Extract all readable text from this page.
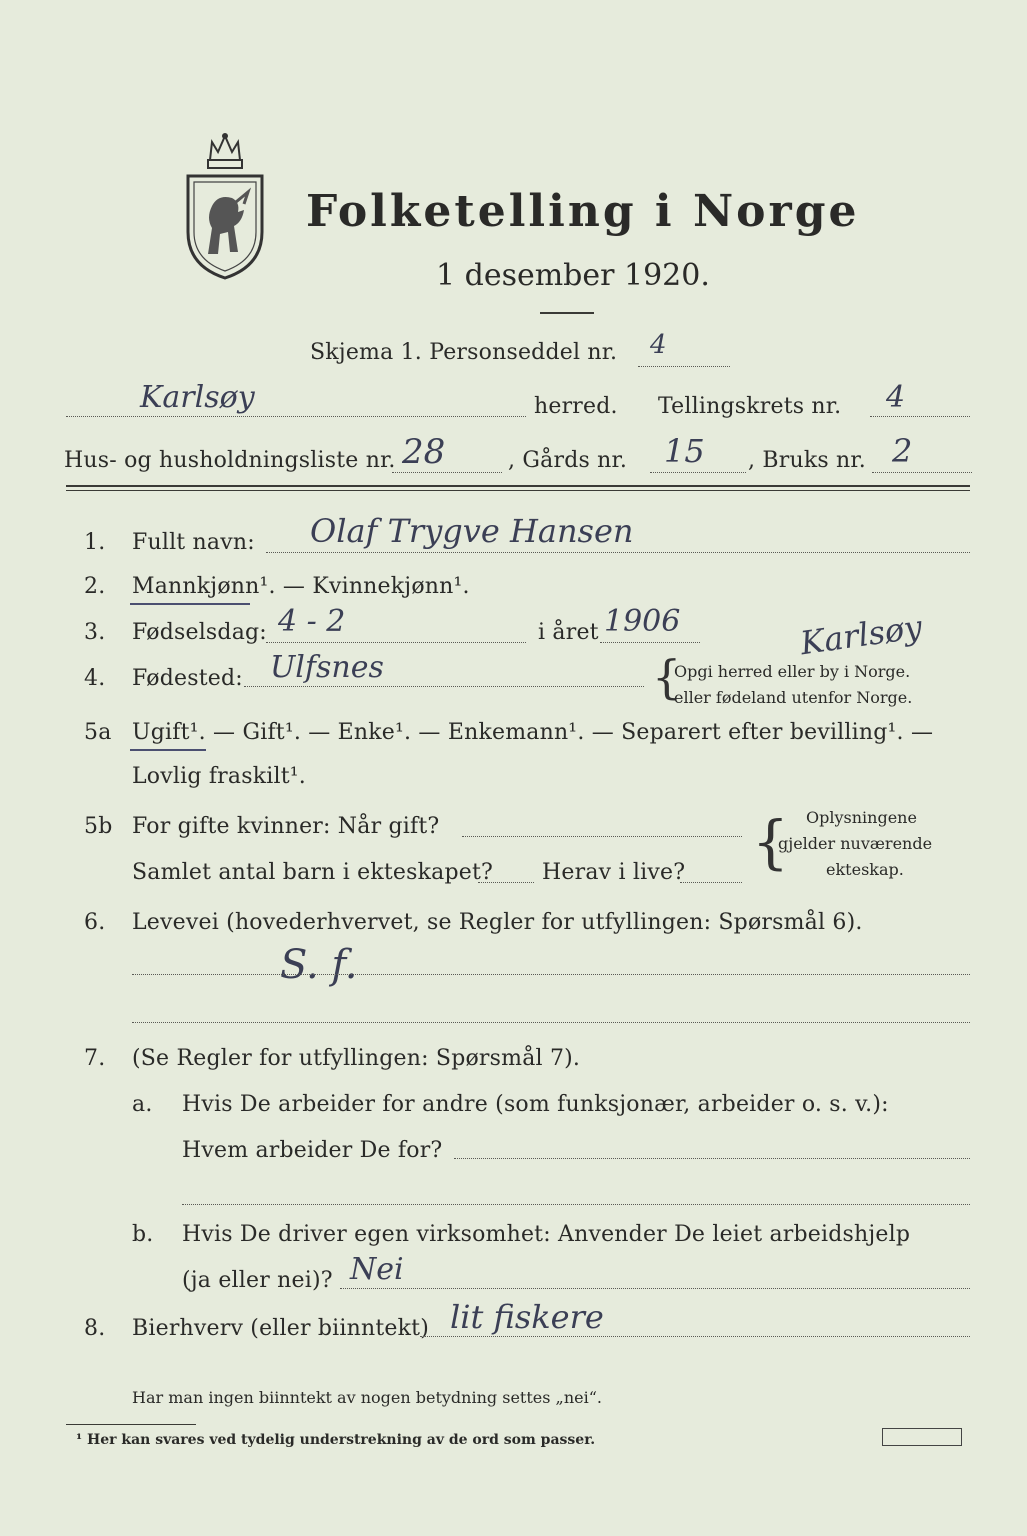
Folketelling i Norge
1 desember 1920.
Skjema 1. Personseddel nr. 4
Karlsøy	herred. Tellingskrets nr. 4
Hus- og husholdningsliste nr. 28	, Gårds nr. 15 , Bruks nr. 2
1. Fullt navn: Olaf Trygve Hansen
2. Mannkjønn¹. — Kvinnekjønn¹.
3. Fødselsdag: 4 - 2	i året 1906
4. Fødested: Ulfsnes	{
Opgi herred eller by i Norge.
eller fødeland utenfor Norge.
Karlsøy
5a Ugift¹. — Gift¹. — Enke¹. — Enkemann¹. — Separert efter bevilling¹. —
Lovlig fraskilt¹.
5b For gifte kvinner: Når gift?
Samlet antal barn i ekteskapet? Herav i live? { Oplysningene
gjelder nuværende
ekteskap.
6. Levevei (hovederhvervet, se Regler for utfyllingen: Spørsmål 6).
S. f.
7. (Se Regler for utfyllingen: Spørsmål 7).
a. Hvis De arbeider for andre (som funksjonær, arbeider o. s. v.):
Hvem arbeider De for?
b. Hvis De driver egen virksomhet: Anvender De leiet arbeidshjelp
(ja eller nei)? Nei
8. Bierhverv (eller biinntekt) lit fiskere
Har man ingen biinntekt av nogen betydning settes „nei“.
¹ Her kan svares ved tydelig understrekning av de ord som passer.
